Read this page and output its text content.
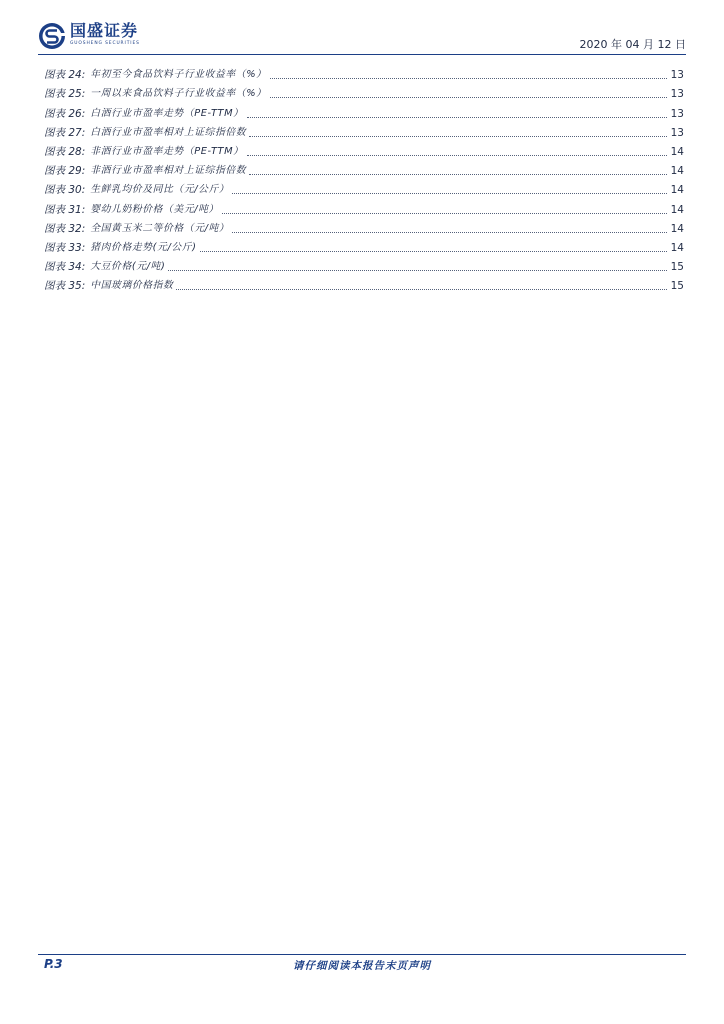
国盛证券
GUOSHENG SECURITIES	2020 年 04 月 12 日
图表 24: 年初至今食品饮料子行业收益率（%）	13
图表 25: 一周以来食品饮料子行业收益率（%）	13
图表 26: 白酒行业市盈率走势（PE-TTM）	13
图表 27: 白酒行业市盈率相对上证综指倍数	13
图表 28: 非酒行业市盈率走势（PE-TTM）	14
图表 29: 非酒行业市盈率相对上证综指倍数	14
图表 30: 生鲜乳均价及同比（元/公斤）	14
图表 31: 婴幼儿奶粉价格（美元/吨）	14
图表 32: 全国黄玉米二等价格（元/吨）	14
图表 33: 猪肉价格走势(元/公斤)	14
图表 34: 大豆价格(元/吨)	15
图表 35: 中国玻璃价格指数	15
P.3	请仔细阅读本报告末页声明
